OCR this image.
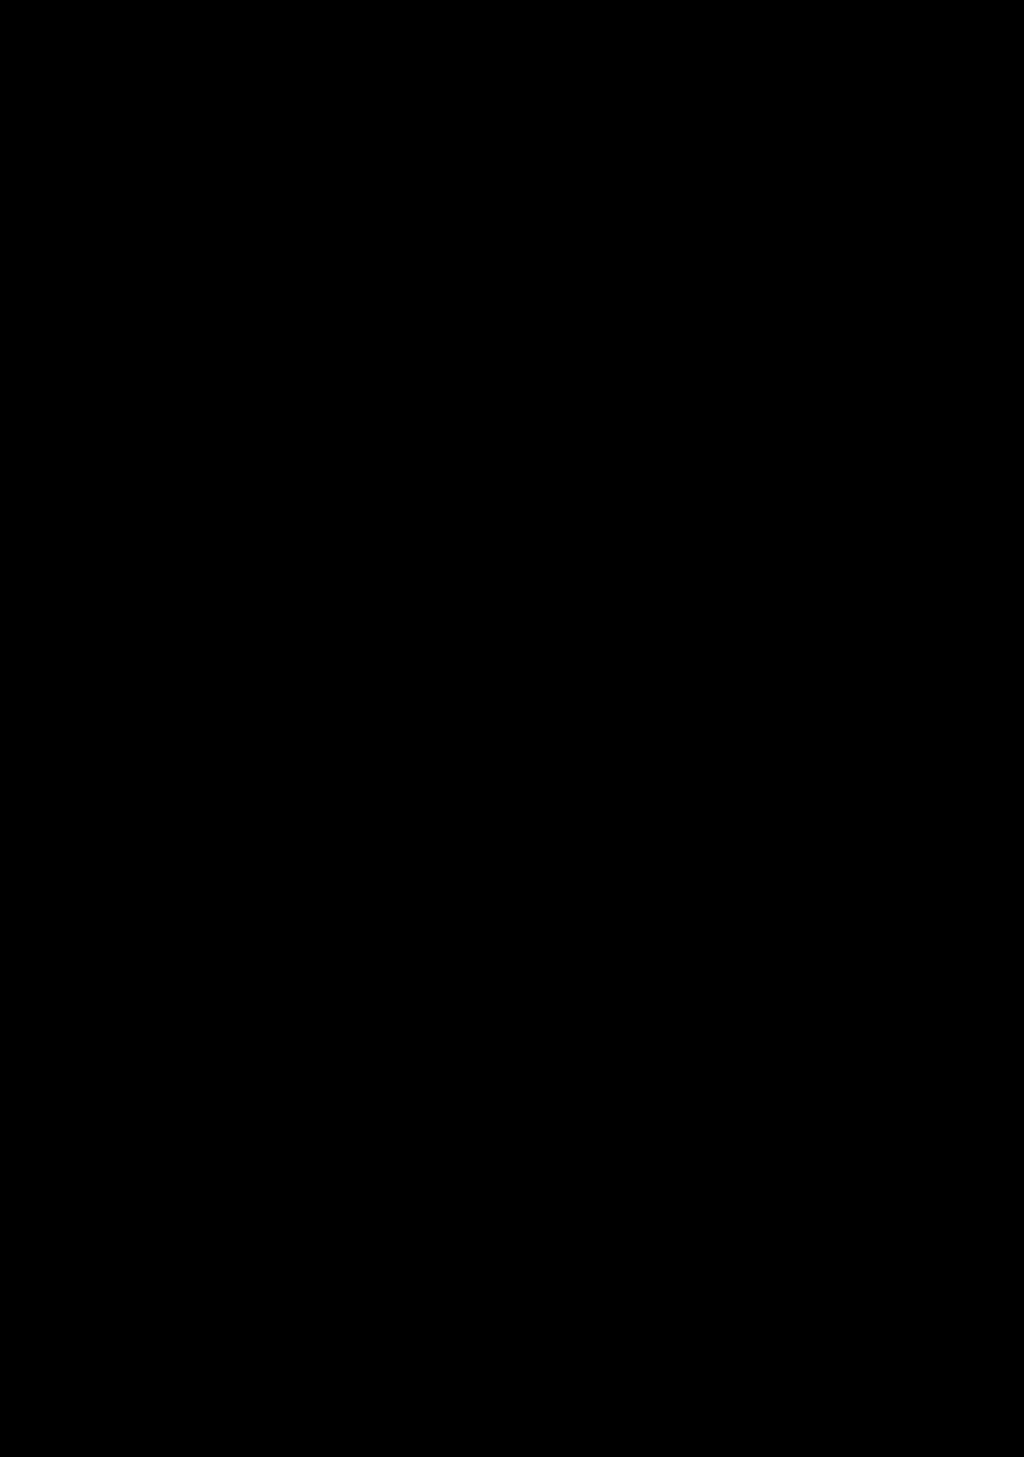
pwc

Bolagsstyrningsrapporten finns med som bilaga till detta dokument. Det finns inga väsentliga avvikelser eller iakttagelser som bolagsstyrelsen eller Vd:n lyfter fram i sin rapportering.

Vattennätets utbyggnad har fortsatt under året bl.a. mot Kungs Barkarö med planering för ytterligare förlängning mot Valskogs tätort som för närvarande förses med vatten från Arboga.

Det finns en arbetsordning för styrelsen och en VD-instruktion uppdaterad i november 2016 som vi bedömer är ändamålsenlig. Ägardialoger har skett vid två tillfällen under året.

I bolagets riskanalys lyfts risker med utbyggnationer av befintligt nät till nya verksamhetsområden som Jägaråsen, Kungs Barkarö, Skillingeudd och Blåmesgatan. För att finansiera detta krävs extern upplåning med ränterisker. Nu löper merparten av lånen på rörlig ränta. Det finns en finanspolicy som är reviderad i juni 2016.

Inga beslutsärenden har överlämnats till fullmäktige under året.

3 av 5
